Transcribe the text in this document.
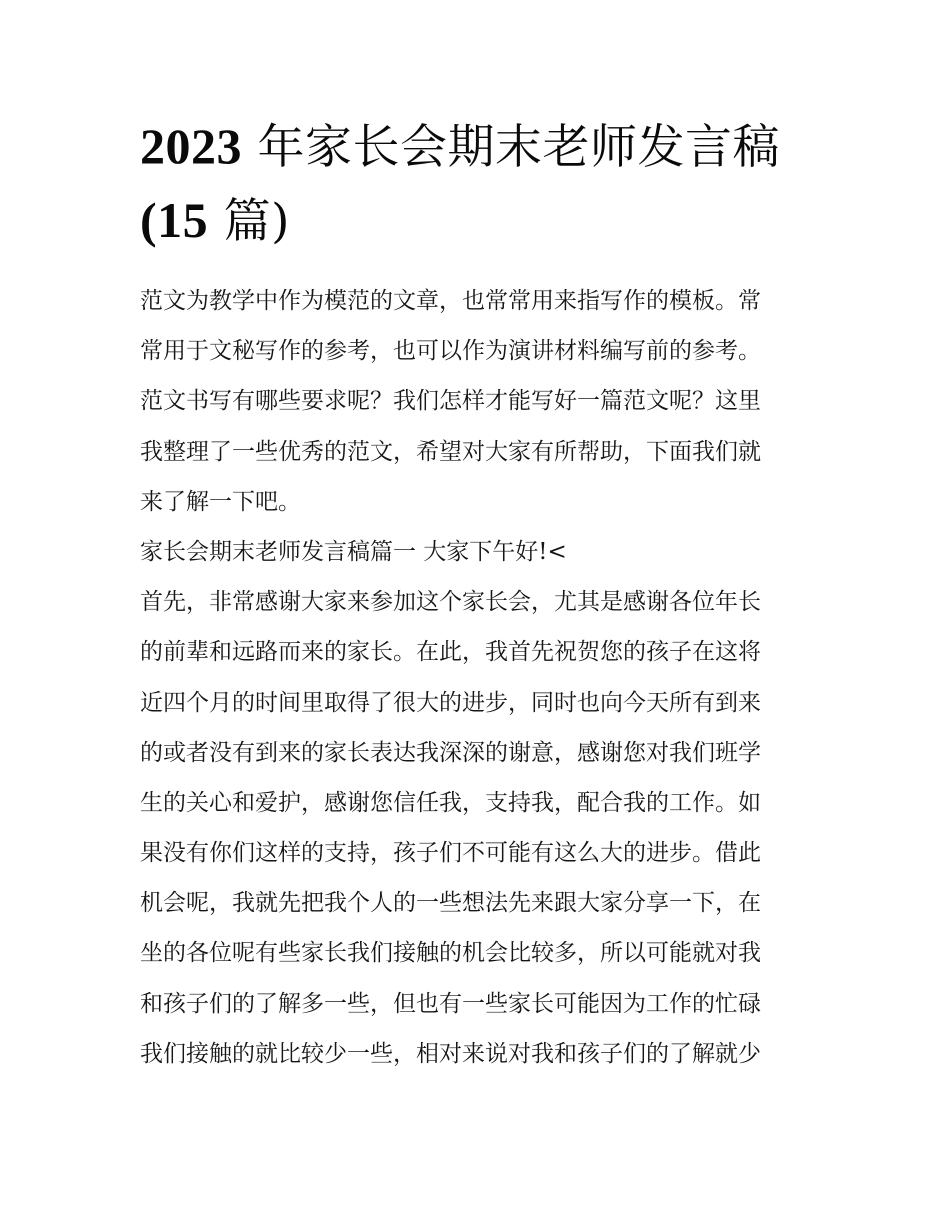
2023 年家长会期末老师发言稿
(15 篇)
范文为教学中作为模范的文章，也常常用来指写作的模板。常
常用于文秘写作的参考，也可以作为演讲材料编写前的参考。
范文书写有哪些要求呢？我们怎样才能写好一篇范文呢？这里
我整理了一些优秀的范文，希望对大家有所帮助，下面我们就
来了解一下吧。
家长会期末老师发言稿篇一 大家下午好!<
首先，非常感谢大家来参加这个家长会，尤其是感谢各位年长
的前辈和远路而来的家长。在此，我首先祝贺您的孩子在这将
近四个月的时间里取得了很大的进步，同时也向今天所有到来
的或者没有到来的家长表达我深深的谢意，感谢您对我们班学
生的关心和爱护，感谢您信任我，支持我，配合我的工作。如
果没有你们这样的支持，孩子们不可能有这么大的进步。借此
机会呢，我就先把我个人的一些想法先来跟大家分享一下，在
坐的各位呢有些家长我们接触的机会比较多，所以可能就对我
和孩子们的了解多一些，但也有一些家长可能因为工作的忙碌
我们接触的就比较少一些，相对来说对我和孩子们的了解就少
